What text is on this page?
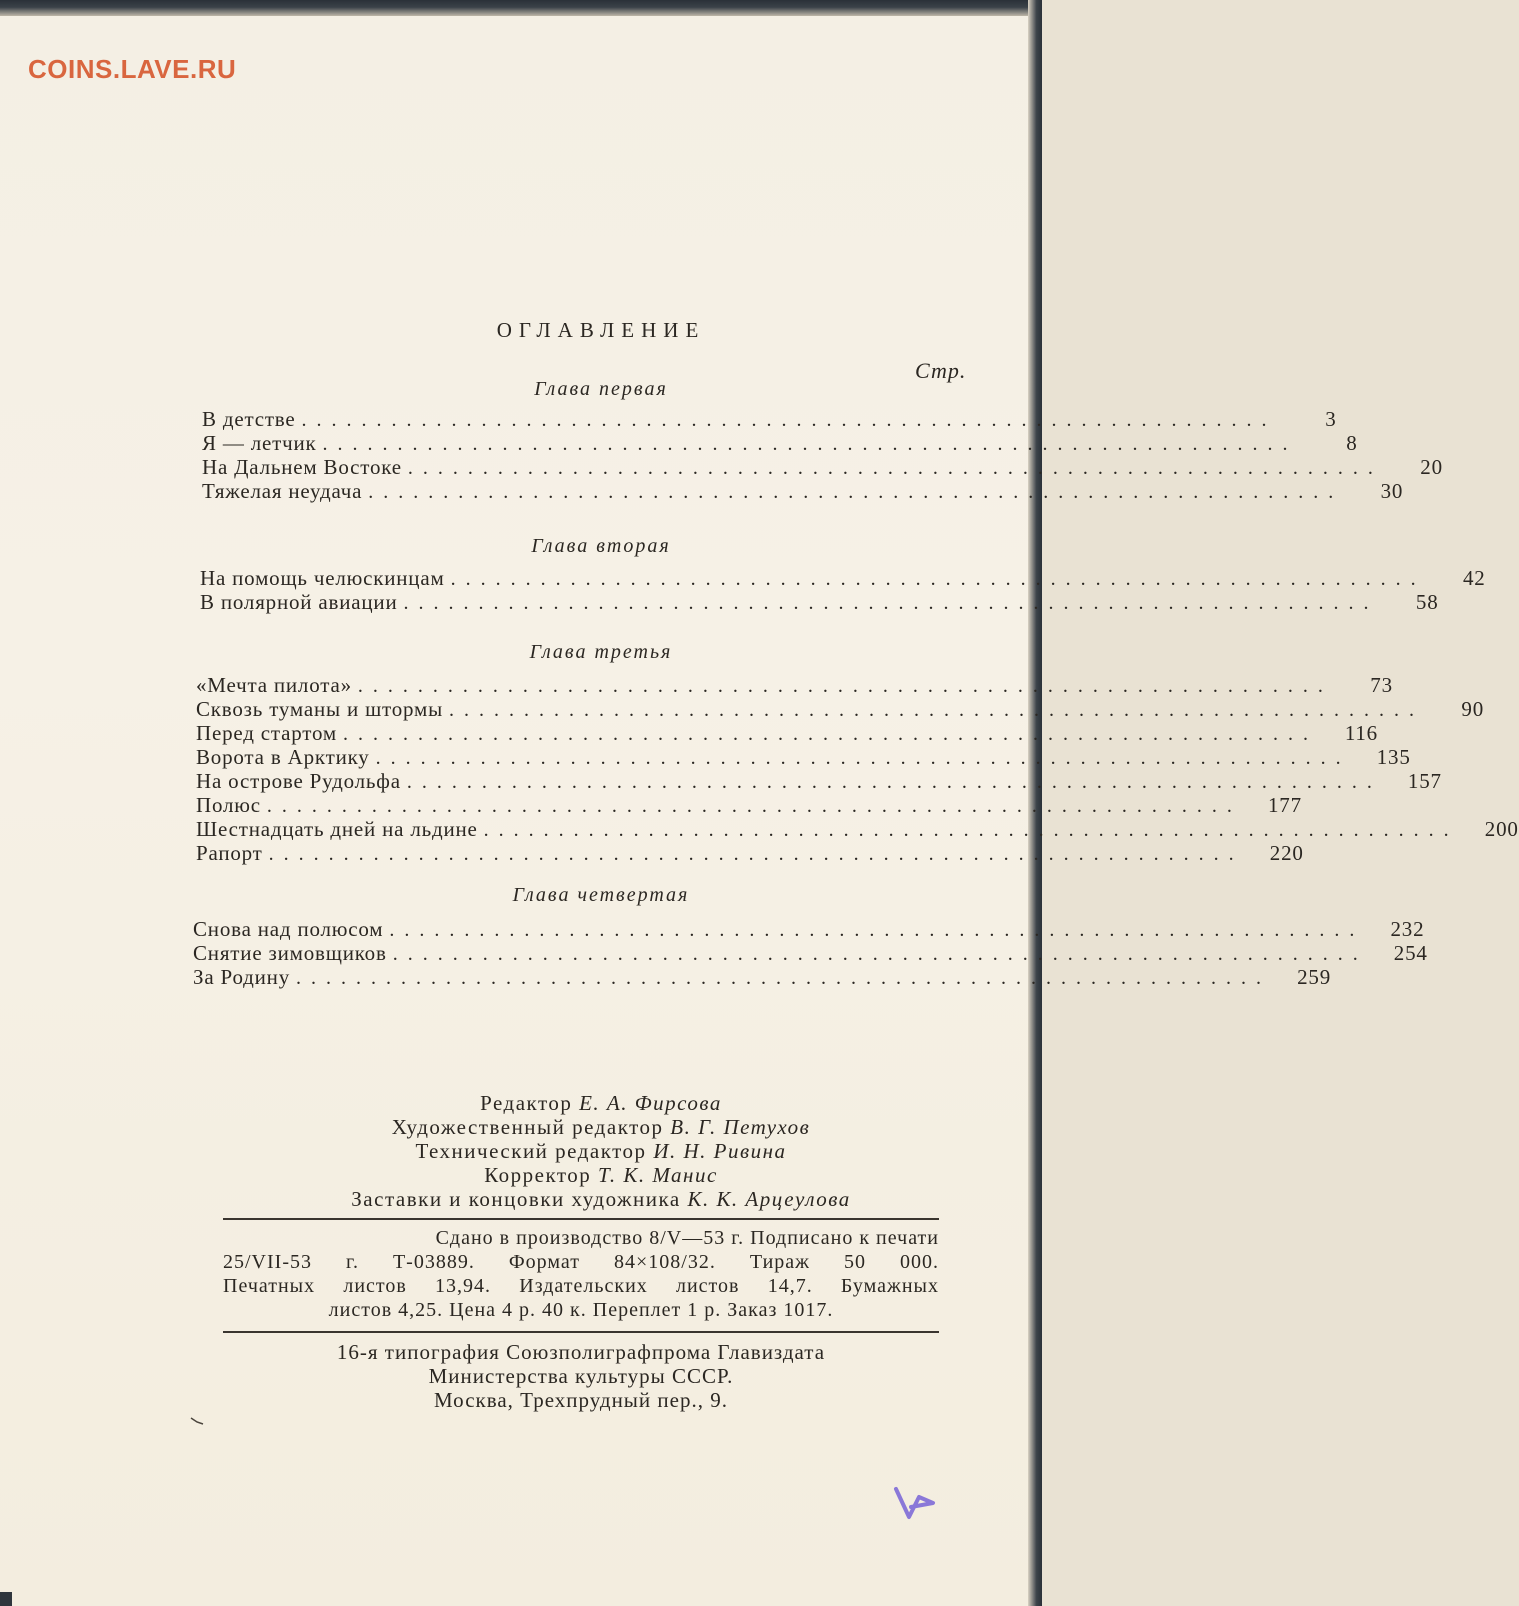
COINS.LAVE.RU
ОГЛАВЛЕНИЕ
Стр.
Глава первая
В детстве .................................................................	3
Я — летчик .................................................................	8
На Дальнем Востоке .................................................................	20
Тяжелая неудача .................................................................	30
Глава вторая
На помощь челюскинцам .................................................................	42
В полярной авиации .................................................................	58
Глава третья
«Мечта пилота» .................................................................	73
Сквозь туманы и штормы .................................................................	90
Перед стартом .................................................................	116
Ворота в Арктику .................................................................	135
На острове Рудольфа .................................................................	157
Полюс .................................................................	177
Шестнадцать дней на льдине .................................................................	200
Рапорт .................................................................	220
Глава четвертая
Снова над полюсом .................................................................	232
Снятие зимовщиков .................................................................	254
За Родину .................................................................	259
Редактор Е. А. Фирсова
Художественный редактор В. Г. Петухов
Технический редактор И. Н. Ривина
Корректор Т. К. Манис
Заставки и концовки художника К. К. Арцеулова
Сдано в производство 8/V—53 г. Подписано к печати
25/VII-53 г. Т-03889. Формат 84×108/32. Тираж 50 000.
Печатных листов 13,94. Издательских листов 14,7. Бумажных
листов 4,25. Цена 4 р. 40 к. Переплет 1 р. Заказ 1017.
16-я типография Союзполиграфпрома Главиздата
Министерства культуры СССР.
Москва, Трехпрудный пер., 9.
